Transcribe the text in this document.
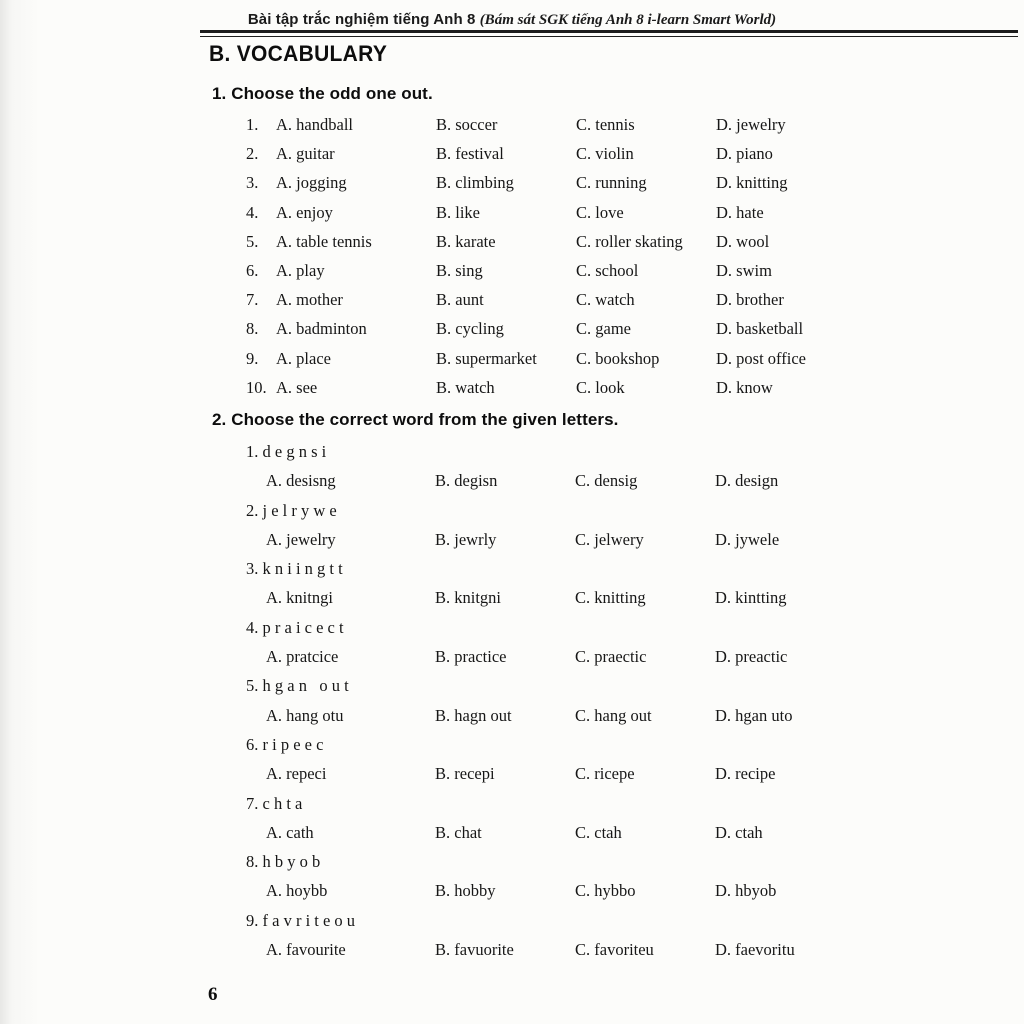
Bài tập trắc nghiệm tiếng Anh 8 (Bám sát SGK tiếng Anh 8 i-learn Smart World)
B. VOCABULARY
1. Choose the odd one out.
1.	A. handball	B. soccer	C. tennis	D. jewelry
2.	A. guitar	B. festival	C. violin	D. piano
3.	A. jogging	B. climbing	C. running	D. knitting
4.	A. enjoy	B. like	C. love	D. hate
5.	A. table tennis	B. karate	C. roller skating	D. wool
6.	A. play	B. sing	C. school	D. swim
7.	A. mother	B. aunt	C. watch	D. brother
8.	A. badminton	B. cycling	C. game	D. basketball
9.	A. place	B. supermarket	C. bookshop	D. post office
10. A. see	B. watch	C. look	D. know
2. Choose the correct word from the given letters.
1. d e g n s i
A. desisng	B. degisn	C. densig	D. design
2. j e l r y w e
A. jewelry	B. jewrly	C. jelwery	D. jywele
3. k n i i n g t t
A. knitngi	B. knitgni	C. knitting	D. kintting
4. p r a i c e c t
A. pratcice	B. practice	C. praectic	D. preactic
5. h g a n   o u t
A. hang otu	B. hagn out	C. hang out	D. hgan uto
6. r i p e e c
A. repeci	B. recepi	C. ricepe	D. recipe
7. c h t a
A. cath	B. chat	C. ctah	D. ctah
8. h b y o b
A. hoybb	B. hobby	C. hybbo	D. hbyob
9. f a v r i t e o u
A. favourite	B. favuorite	C. favoriteu	D. faevoritu
6
